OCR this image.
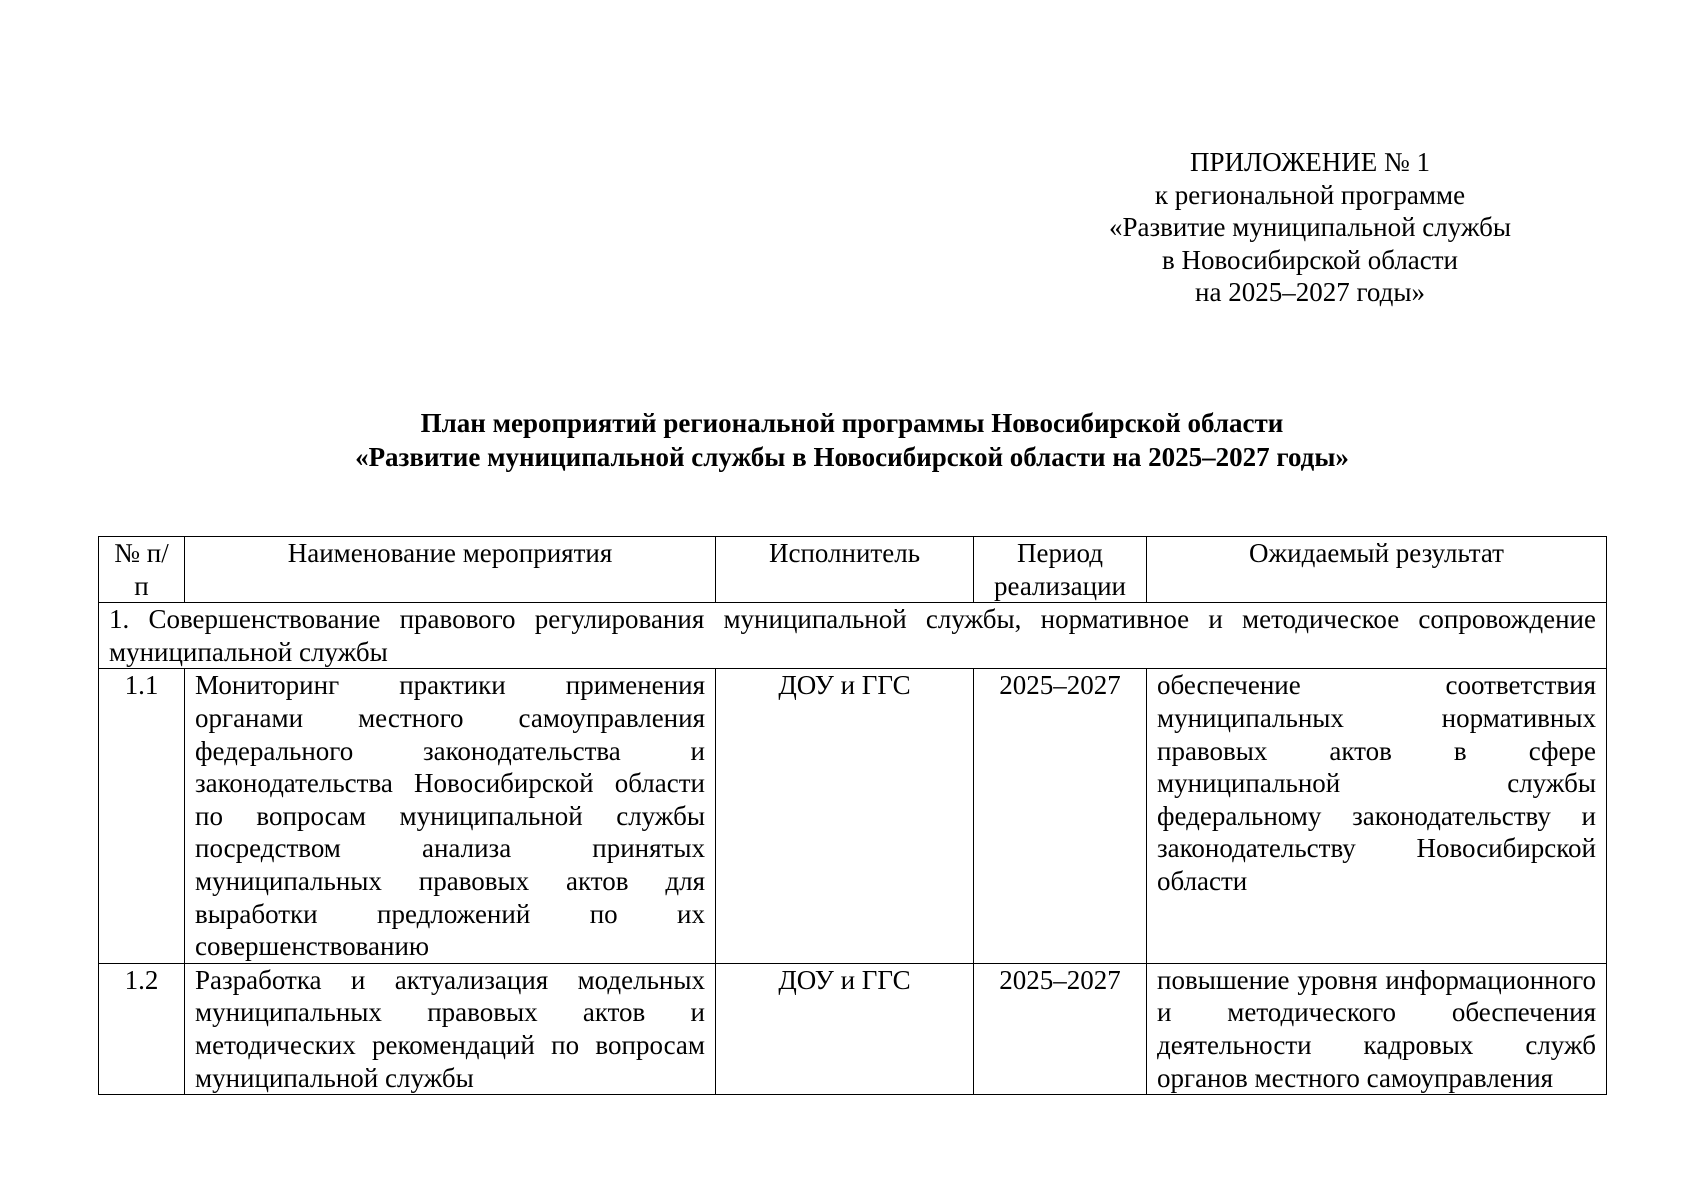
ПРИЛОЖЕНИЕ № 1
к региональной программе
«Развитие муниципальной службы
в Новосибирской области
на 2025–2027 годы»
План мероприятий региональной программы Новосибирской области
«Развитие муниципальной службы в Новосибирской области на 2025–2027 годы»
№ п/п	Наименование мероприятия	Исполнитель	Период реализации	Ожидаемый результат
1. Совершенствование правового регулирования муниципальной службы, нормативное и методическое сопровождение муниципальной службы				
1.1	Мониторинг практики применения органами местного самоуправления федерального законодательства и законодательства Новосибирской области по вопросам муниципальной службы посредством анализа принятых муниципальных правовых актов для выработки предложений по их совершенствованию	ДОУ и ГГС	2025–2027	обеспечение соответствия муниципальных нормативных правовых актов в сфере муниципальной службы федеральному законодательству и законодательству Новосибирской области
1.2	Разработка и актуализация модельных муниципальных правовых актов и методических рекомендаций по вопросам муниципальной службы	ДОУ и ГГС	2025–2027	повышение уровня информационного и методического обеспечения деятельности кадровых служб органов местного самоуправления
